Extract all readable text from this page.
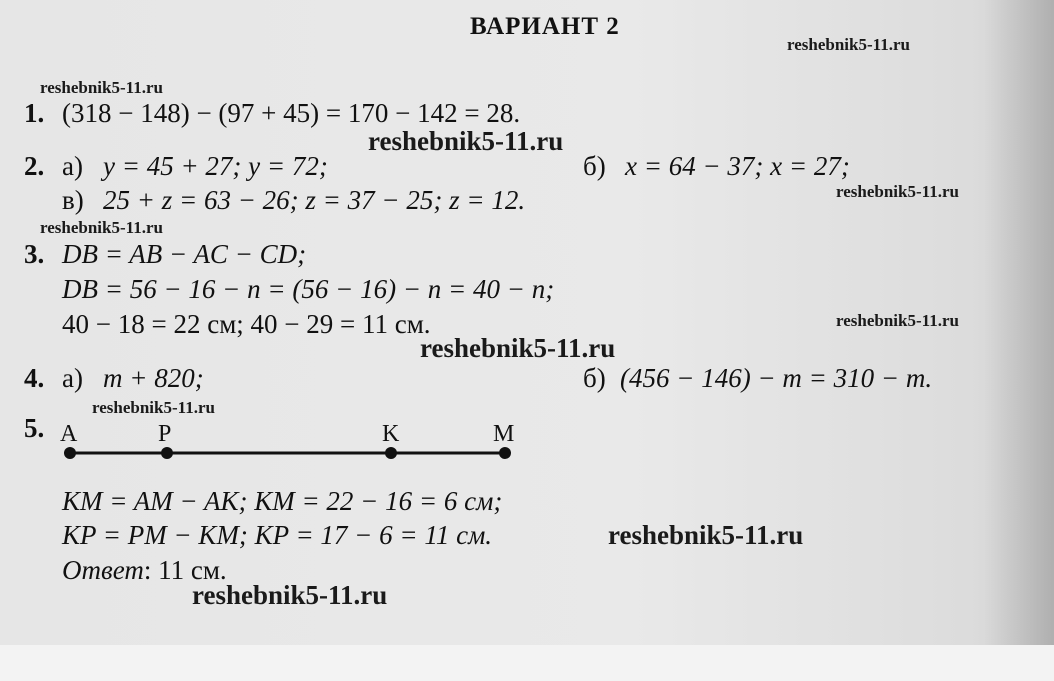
ВАРИАНТ 2
reshebnik5-11.ru
reshebnik5-11.ru
reshebnik5-11.ru
reshebnik5-11.ru
reshebnik5-11.ru
reshebnik5-11.ru
reshebnik5-11.ru
reshebnik5-11.ru
reshebnik5-11.ru
reshebnik5-11.ru
1. (318 − 148) − (97 + 45) = 170 − 142 = 28.
2. а) y = 45 + 27; y = 72;	б) x = 64 − 37; x = 27;
в) 25 + z = 63 − 26; z = 37 − 25; z = 12.
3. DB = AB − AC − CD;
DB = 56 − 16 − n = (56 − 16) − n = 40 − n;
40 − 18 = 22 см; 40 − 29 = 11 см.
4. а) m + 820;	б) (456 − 146) − m = 310 − m.
5. A	P	K	M
KM = AM − AK; KM = 22 − 16 = 6 см;
KP = PM − KM; KP = 17 − 6 = 11 см.
Ответ: 11 см.
